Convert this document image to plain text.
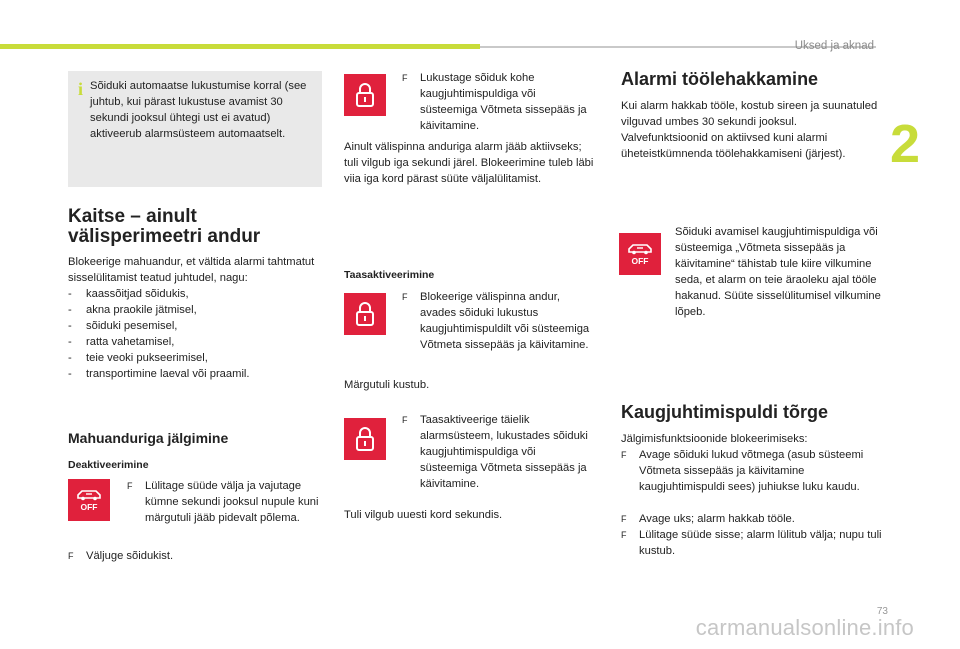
Uksed ja aknad
2
i Sõiduki automaatse lukustumise korral (see juhtub, kui pärast lukustuse avamist 30 sekundi jooksul ühtegi ust ei avatud) aktiveerub alarmsüsteem automaatselt.

Kaitse – ainult
välisperimeetri andur

Blokeerige mahuandur, et vältida alarmi tahtmatut sisselülitamist teatud juhtudel, nagu:

-	kaassõitjad sõidukis,
-	akna praokile jätmisel,
-	sõiduki pesemisel,
-	ratta vahetamisel,
-	teie veoki pukseerimisel,
-	transportimine laeval või praamil.
Mahuanduriga jälgimine
Deaktiveerimine
OFF
F	Lülitage süüde välja ja vajutage kümne sekundi jooksul nupule kuni märgutuli jääb pidevalt põlema.
F	Väljuge sõidukist.
F	Lukustage sõiduk kohe kaugjuhtimispuldiga või süsteemiga Võtmeta sissepääs ja käivitamine.

Ainult välispinna anduriga alarm jääb aktiivseks; tuli vilgub iga sekundi järel. Blokeerimine tuleb läbi viia iga kord pärast süüte väljalülitamist.

Taasaktiveerimine
F	Blokeerige välispinna andur, avades sõiduki lukustus kaugjuhtimispuldilt või süsteemiga Võtmeta sissepääs ja käivitamine.

Märgutuli kustub.

F	Taasaktiveerige täielik alarmsüsteem, lukustades sõiduki kaugjuhtimispuldiga või süsteemiga Võtmeta sissepääs ja käivitamine.

Tuli vilgub uuesti kord sekundis.

Alarmi töölehakkamine

Kui alarm hakkab tööle, kostub sireen ja suunatuled vilguvad umbes 30 sekundi jooksul. Valvefunktsioonid on aktiivsed kuni alarmi üheteistkümnenda töölehakkamiseni (järjest).

OFF

Sõiduki avamisel kaugjuhtimispuldiga või süsteemiga „Võtmeta sissepääs ja käivitamine“ tähistab tule kiire vilkumine seda, et alarm on teie äraoleku ajal tööle hakanud. Süüte sisselülitumisel vilkumine lõpeb.

Kaugjuhtimispuldi tõrge

Jälgimisfunktsioonide blokeerimiseks:

F	Avage sõiduki lukud võtmega (asub süsteemi Võtmeta sissepääs ja käivitamine kaugjuhtimispuldi sees) juhiukse luku kaudu.
F	Avage uks; alarm hakkab tööle.
F	Lülitage süüde sisse; alarm lülitub välja; nupu tuli kustub.
73
carmanualsonline.info
